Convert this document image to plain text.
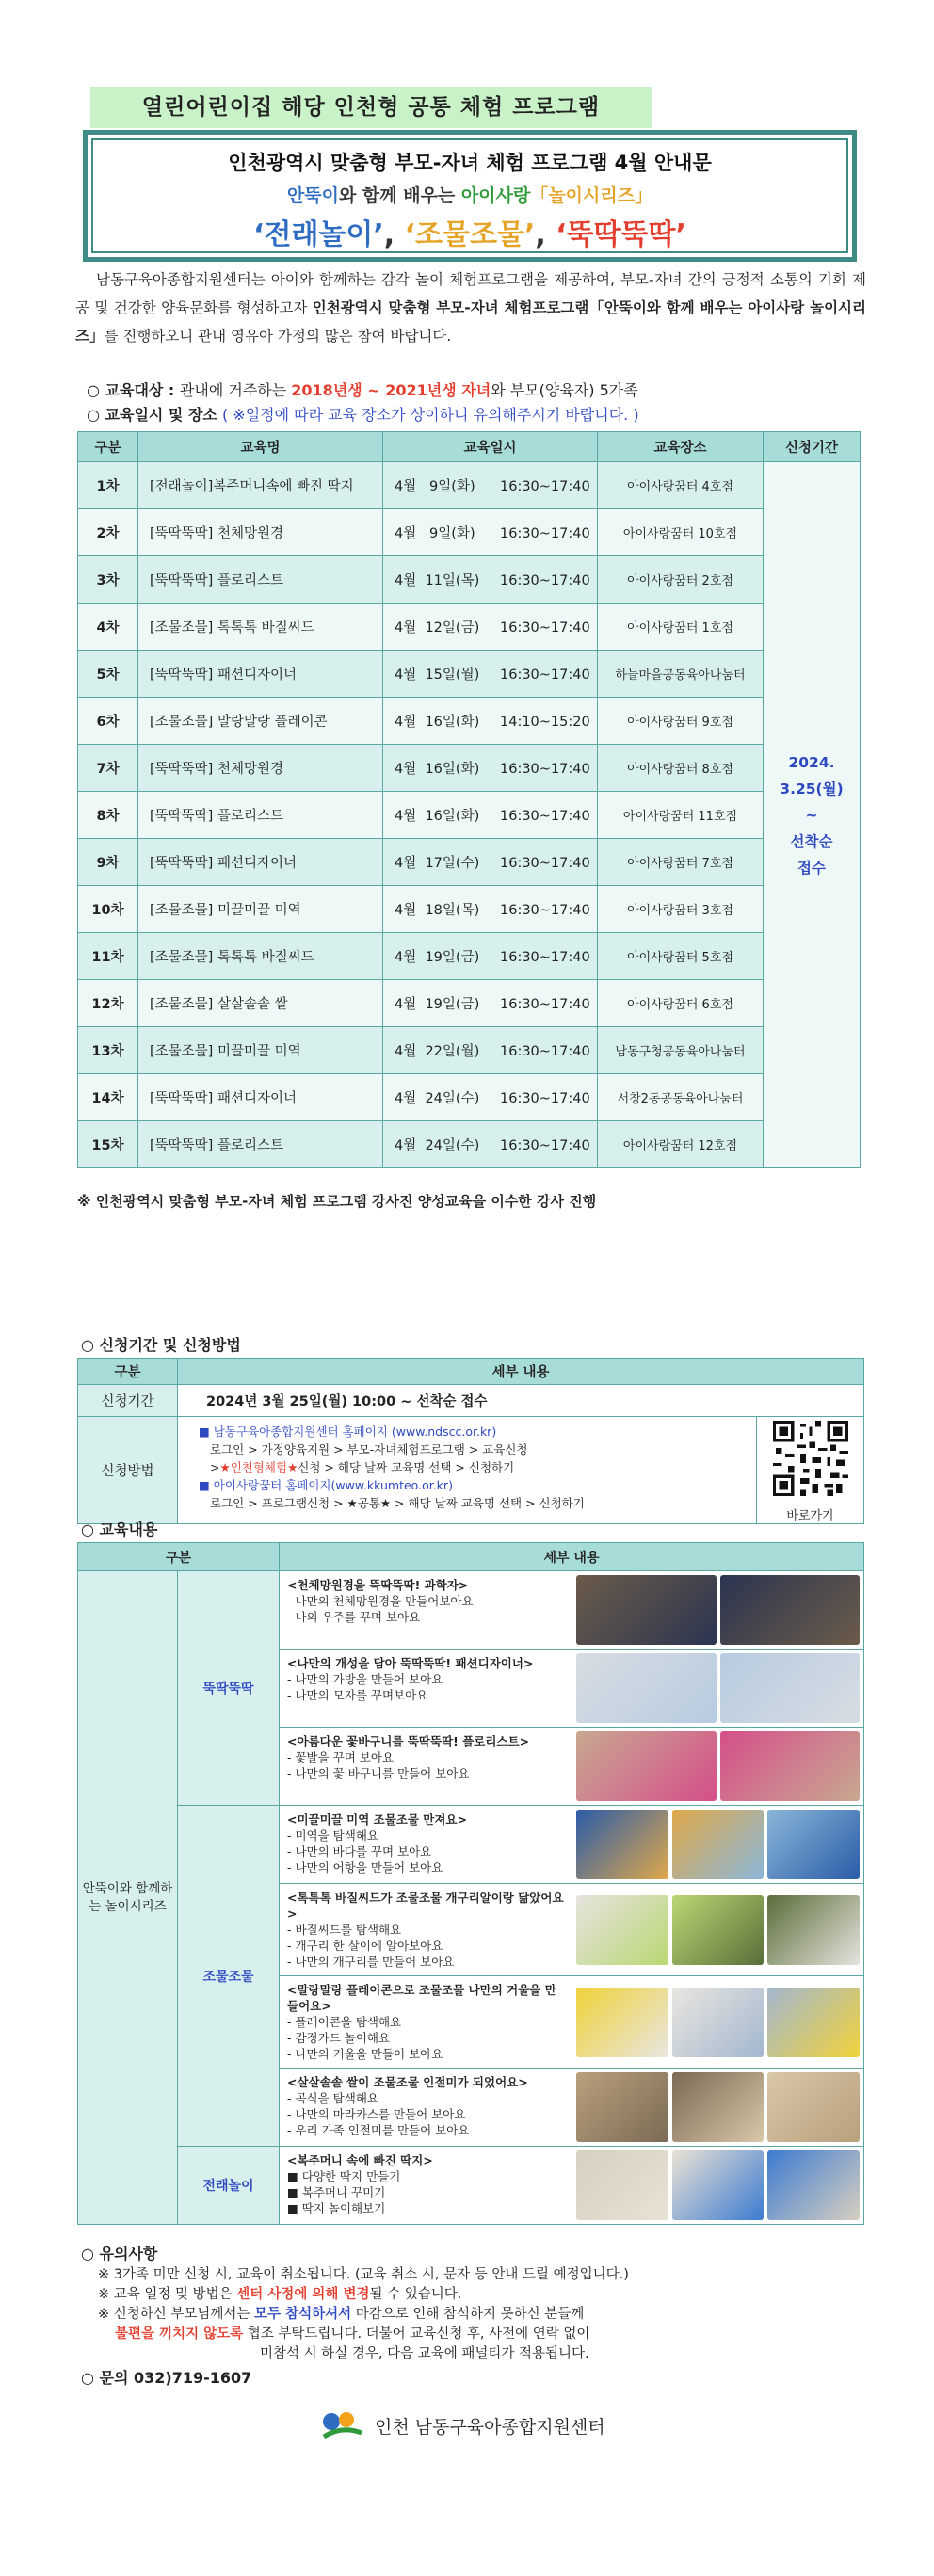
열린어린이집 해당 인천형 공통 체험 프로그램
인천광역시 맞춤형 부모-자녀 체험 프로그램 4월 안내문
안뚝이와 함께 배우는 아이사랑「놀이시리즈」
‘전래놀이’, ‘조물조물’, ‘뚝딱뚝딱’
남동구육아종합지원센터는 아이와 함께하는 감각 놀이 체험프로그램을 제공하여, 부모-자녀 간의 긍정적 소통의 기회 제공 및 건강한 양육문화를 형성하고자 인천광역시 맞춤형 부모-자녀 체험프로그램「안뚝이와 함께 배우는 아이사랑 놀이시리즈」를 진행하오니 관내 영유아 가정의 많은 참여 바랍니다.
○ 교육대상 : 관내에 거주하는 2018년생 ~ 2021년생 자녀와 부모(양육자) 5가족
○ 교육일시 및 장소 ( ※일정에 따라 교육 장소가 상이하니 유의해주시기 바랍니다. )
구분	교육명	교육일시	교육장소	신청기간
1차	[전래놀이]복주머니속에 빠진 딱지	4월   9일(화) 16:30~17:40	아이사랑꿈터 4호점	2024.
3.25(월)
~
선착순
접수

2차	[뚝딱뚝딱] 천체망원경	4월   9일(화) 16:30~17:40	아이사랑꿈터 10호점	
3차	[뚝딱뚝딱] 플로리스트	4월  11일(목) 16:30~17:40	아이사랑꿈터 2호점	
4차	[조물조물] 톡톡톡 바질씨드	4월  12일(금) 16:30~17:40	아이사랑꿈터 1호점	
5차	[뚝딱뚝딱] 패션디자이너	4월  15일(월) 16:30~17:40	하늘마을공동육아나눔터	
6차	[조물조물] 말랑말랑 플레이콘	4월  16일(화) 14:10~15:20	아이사랑꿈터 9호점	
7차	[뚝딱뚝딱] 천체망원경	4월  16일(화) 16:30~17:40	아이사랑꿈터 8호점	
8차	[뚝딱뚝딱] 플로리스트	4월  16일(화) 16:30~17:40	아이사랑꿈터 11호점	
9차	[뚝딱뚝딱] 패션디자이너	4월  17일(수) 16:30~17:40	아이사랑꿈터 7호점	
10차	[조물조물] 미끌미끌 미역	4월  18일(목) 16:30~17:40	아이사랑꿈터 3호점	
11차	[조물조물] 톡톡톡 바질씨드	4월  19일(금) 16:30~17:40	아이사랑꿈터 5호점	
12차	[조물조물] 살살솔솔 쌀	4월  19일(금) 16:30~17:40	아이사랑꿈터 6호점	
13차	[조물조물] 미끌미끌 미역	4월  22일(월) 16:30~17:40	남동구청공동육아나눔터	
14차	[뚝딱뚝딱] 패션디자이너	4월  24일(수) 16:30~17:40	서창2동공동육아나눔터	
15차	[뚝딱뚝딱] 플로리스트	4월  24일(수) 16:30~17:40	아이사랑꿈터 12호점	
※ 인천광역시 맞춤형 부모-자녀 체험 프로그램 강사진 양성교육을 이수한 강사 진행
○ 신청기간 및 신청방법
구분	세부 내용	
신청기간	2024년 3월 25일(월) 10:00 ~ 선착순 접수	
신청방법	■ 남동구육아종합지원센터 홈페이지 (www.ndscc.or.kr)
로그인 > 가정양육지원 > 부모-자녀체험프로그램 > 교육신청
>★인천형체험★신청 > 해당 날짜 교육명 선택 > 신청하기
■ 아이사랑꿈터 홈페이지(www.kkumteo.or.kr)
로그인 > 프로그램신청 > ★공통★ > 해당 날짜 교육명 선택 > 신청하기	바로가기
○ 교육내용
구분		세부 내용	
안뚝이와 함께하는 놀이시리즈	뚝딱뚝딱	<천체망원경을 뚝딱뚝딱! 과학자>
- 나만의 천체망원경을 만들어보아요
- 나의 우주를 꾸며 보아요	

		<나만의 개성을 담아 뚝딱뚝딱! 패션디자이너>
- 나만의 가방을 만들어 보아요
- 나만의 모자를 꾸며보아요	

		<아름다운 꽃바구니를 뚝딱뚝딱! 플로리스트>
- 꽃발을 꾸며 보아요
- 나만의 꽃 바구니를 만들어 보아요	

	조물조물	<미끌미끌 미역 조물조물 만져요>
- 미역을 탐색해요
- 나만의 바다를 꾸며 보아요
- 나만의 어항을 만들어 보아요	

		<톡톡톡 바질씨드가 조물조물 개구리알이랑 닮았어요>
- 바질씨드를 탐색해요
- 개구리 한 살이에 알아보아요
- 나만의 개구리를 만들어 보아요	

		<말랑말랑 플레이콘으로 조물조물 나만의 거울을 만들어요>
- 플레이콘을 탐색해요
- 감정카드 놀이해요
- 나만의 거울을 만들어 보아요	

		<살살솔솔 쌀이 조물조물 인절미가 되었어요>
- 곡식을 탐색해요
- 나만의 마라카스를 만들어 보아요
- 우리 가족 인절미를 만들어 보아요	

	전래놀이	<복주머니 속에 빠진 딱지>
■ 다양한 딱지 만들기
■ 복주머니 꾸미기
■ 딱지 놀이해보기	

○ 유의사항
※ 3가족 미만 신청 시, 교육이 취소됩니다. (교육 취소 시, 문자 등 안내 드릴 예정입니다.)
※ 교육 일정 및 방법은 센터 사정에 의해 변경될 수 있습니다.
※ 신청하신 부모님께서는 모두 참석하셔서 마감으로 인해 참석하지 못하신 분들께
불편을 끼치지 않도록 협조 부탁드립니다. 더불어 교육신청 후, 사전에 연락 없이
미참석 시 하실 경우, 다음 교육에 패널티가 적용됩니다.
○ 문의 032)719-1607
인천 남동구육아종합지원센터
